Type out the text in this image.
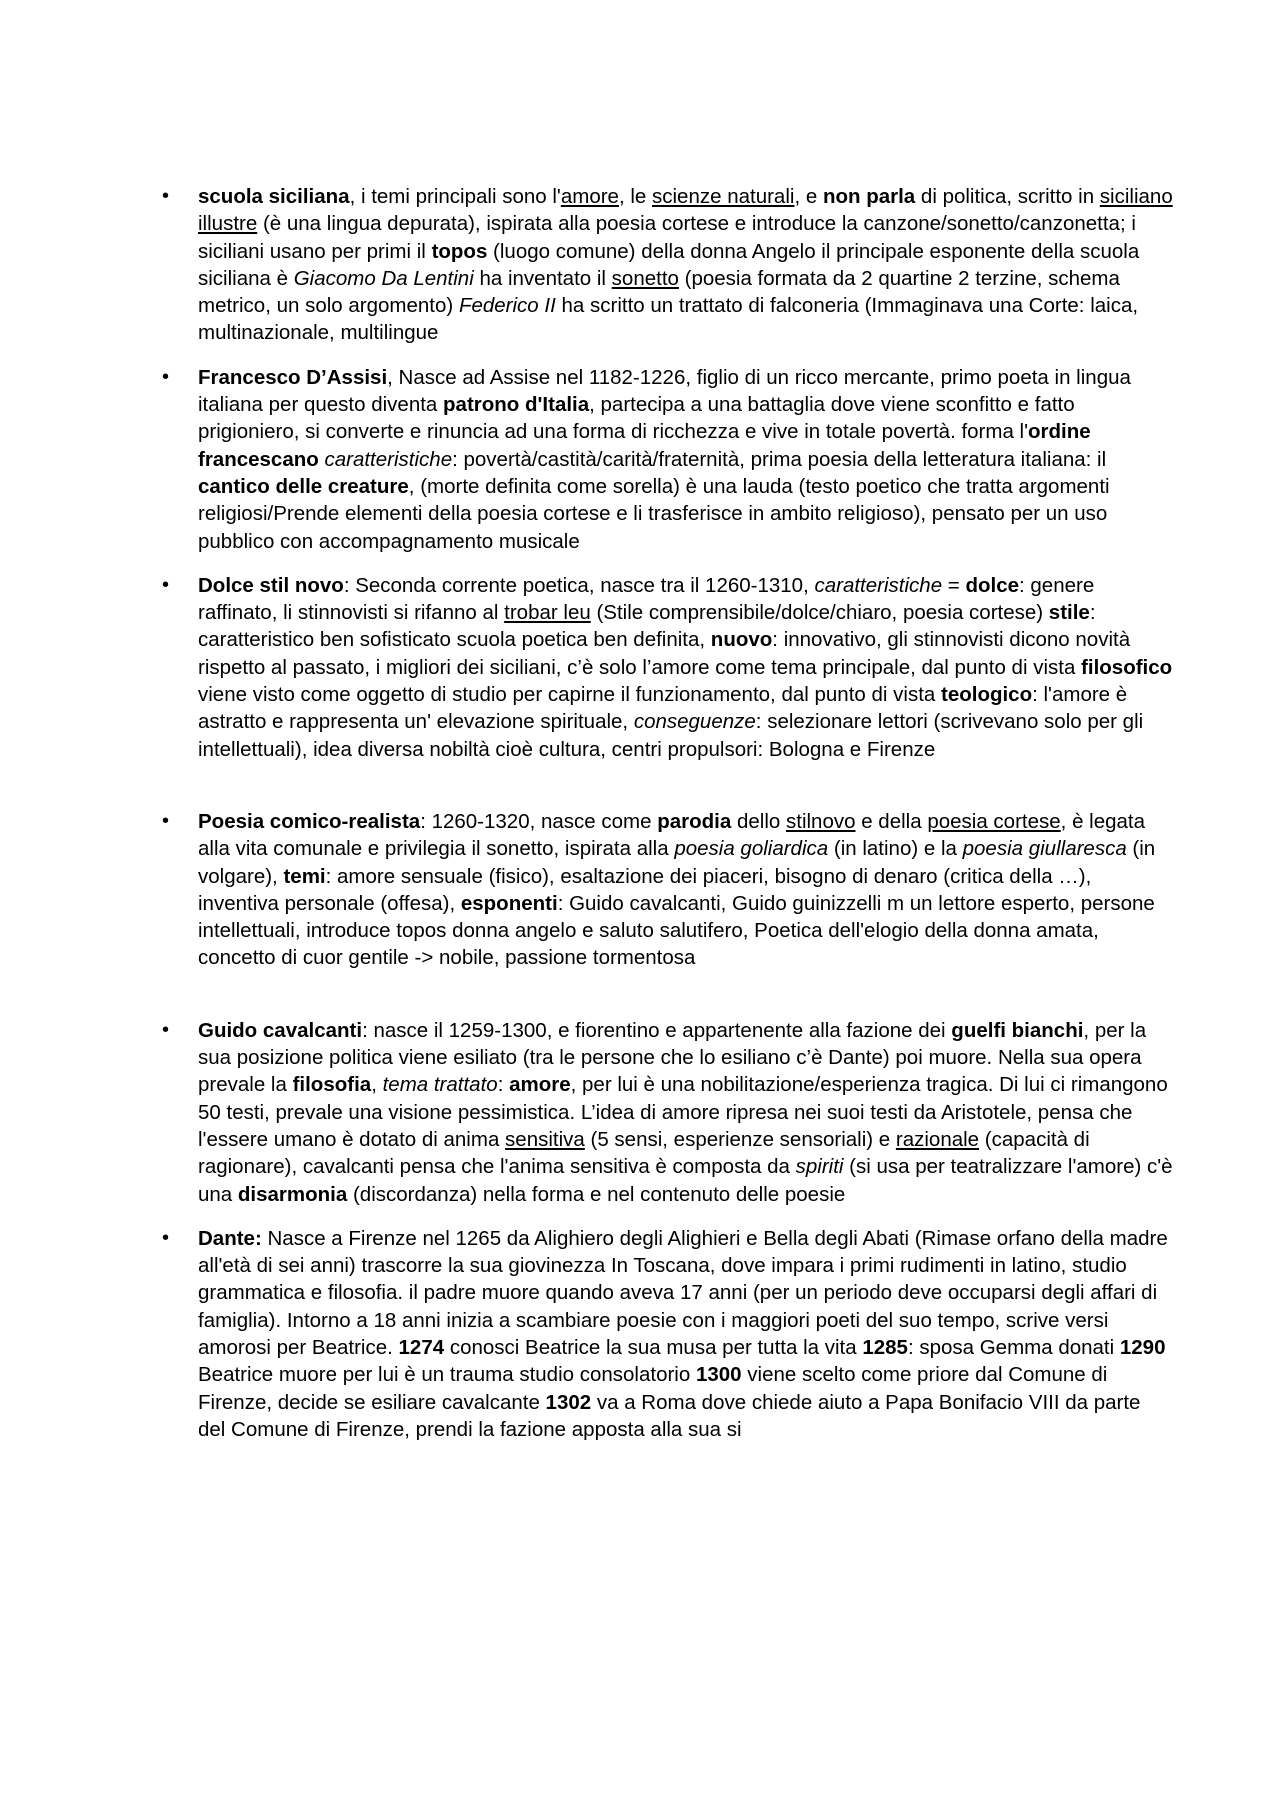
• scuola siciliana, i temi principali sono l'amore, le scienze naturali, e non parla di politica, scritto in siciliano illustre (è una lingua depurata), ispirata alla poesia cortese e introduce la canzone/sonetto/canzonetta; i siciliani usano per primi il topos (luogo comune) della donna Angelo il principale esponente della scuola siciliana è Giacomo Da Lentini ha inventato il sonetto (poesia formata da 2 quartine 2 terzine, schema metrico, un solo argomento) Federico II ha scritto un trattato di falconeria (Immaginava una Corte: laica, multinazionale, multilingue
• Francesco D’Assisi, Nasce ad Assise nel 1182-1226, figlio di un ricco mercante, primo poeta in lingua italiana per questo diventa patrono d'Italia, partecipa a una battaglia dove viene sconfitto e fatto prigioniero, si converte e rinuncia ad una forma di ricchezza e vive in totale povertà. forma l'ordine francescano caratteristiche: povertà/castità/carità/fraternità, prima poesia della letteratura italiana: il cantico delle creature, (morte definita come sorella) è una lauda (testo poetico che tratta argomenti religiosi/Prende elementi della poesia cortese e li trasferisce in ambito religioso), pensato per un uso pubblico con accompagnamento musicale
• Dolce stil novo: Seconda corrente poetica, nasce tra il 1260-1310, caratteristiche = dolce: genere raffinato, li stinnovisti si rifanno al trobar leu (Stile comprensibile/dolce/chiaro, poesia cortese) stile: caratteristico ben sofisticato scuola poetica ben definita, nuovo: innovativo, gli stinnovisti dicono novità rispetto al passato, i migliori dei siciliani, c’è solo l’amore come tema principale, dal punto di vista filosofico viene visto come oggetto di studio per capirne il funzionamento, dal punto di vista teologico: l'amore è astratto e rappresenta un' elevazione spirituale, conseguenze: selezionare lettori (scrivevano solo per gli intellettuali), idea diversa nobiltà cioè cultura, centri propulsori: Bologna e Firenze
• Poesia comico-realista: 1260-1320, nasce come parodia dello stilnovo e della poesia cortese, è legata alla vita comunale e privilegia il sonetto, ispirata alla poesia goliardica (in latino) e la poesia giullaresca (in volgare), temi: amore sensuale (fisico), esaltazione dei piaceri, bisogno di denaro (critica della …), inventiva personale (offesa), esponenti: Guido cavalcanti, Guido guinizzelli m un lettore esperto, persone intellettuali, introduce topos donna angelo e saluto salutifero, Poetica dell'elogio della donna amata, concetto di cuor gentile -> nobile, passione tormentosa
• Guido cavalcanti: nasce il 1259-1300, e fiorentino e appartenente alla fazione dei guelfi bianchi, per la sua posizione politica viene esiliato (tra le persone che lo esiliano c’è Dante) poi muore. Nella sua opera prevale la filosofia, tema trattato: amore, per lui è una nobilitazione/esperienza tragica. Di lui ci rimangono 50 testi, prevale una visione pessimistica. L’idea di amore ripresa nei suoi testi da Aristotele, pensa che l'essere umano è dotato di anima sensitiva (5 sensi, esperienze sensoriali) e razionale (capacità di ragionare), cavalcanti pensa che l'anima sensitiva è composta da spiriti (si usa per teatralizzare l'amore) c'è una disarmonia (discordanza) nella forma e nel contenuto delle poesie
• Dante: Nasce a Firenze nel 1265 da Alighiero degli Alighieri e Bella degli Abati (Rimase orfano della madre all'età di sei anni) trascorre la sua giovinezza In Toscana, dove impara i primi rudimenti in latino, studio grammatica e filosofia. il padre muore quando aveva 17 anni (per un periodo deve occuparsi degli affari di famiglia). Intorno a 18 anni inizia a scambiare poesie con i maggiori poeti del suo tempo, scrive versi amorosi per Beatrice. 1274 conosci Beatrice la sua musa per tutta la vita 1285: sposa Gemma donati 1290 Beatrice muore per lui è un trauma studio consolatorio 1300 viene scelto come priore dal Comune di Firenze, decide se esiliare cavalcante 1302 va a Roma dove chiede aiuto a Papa Bonifacio VIII da parte del Comune di Firenze, prendi la fazione apposta alla sua si
